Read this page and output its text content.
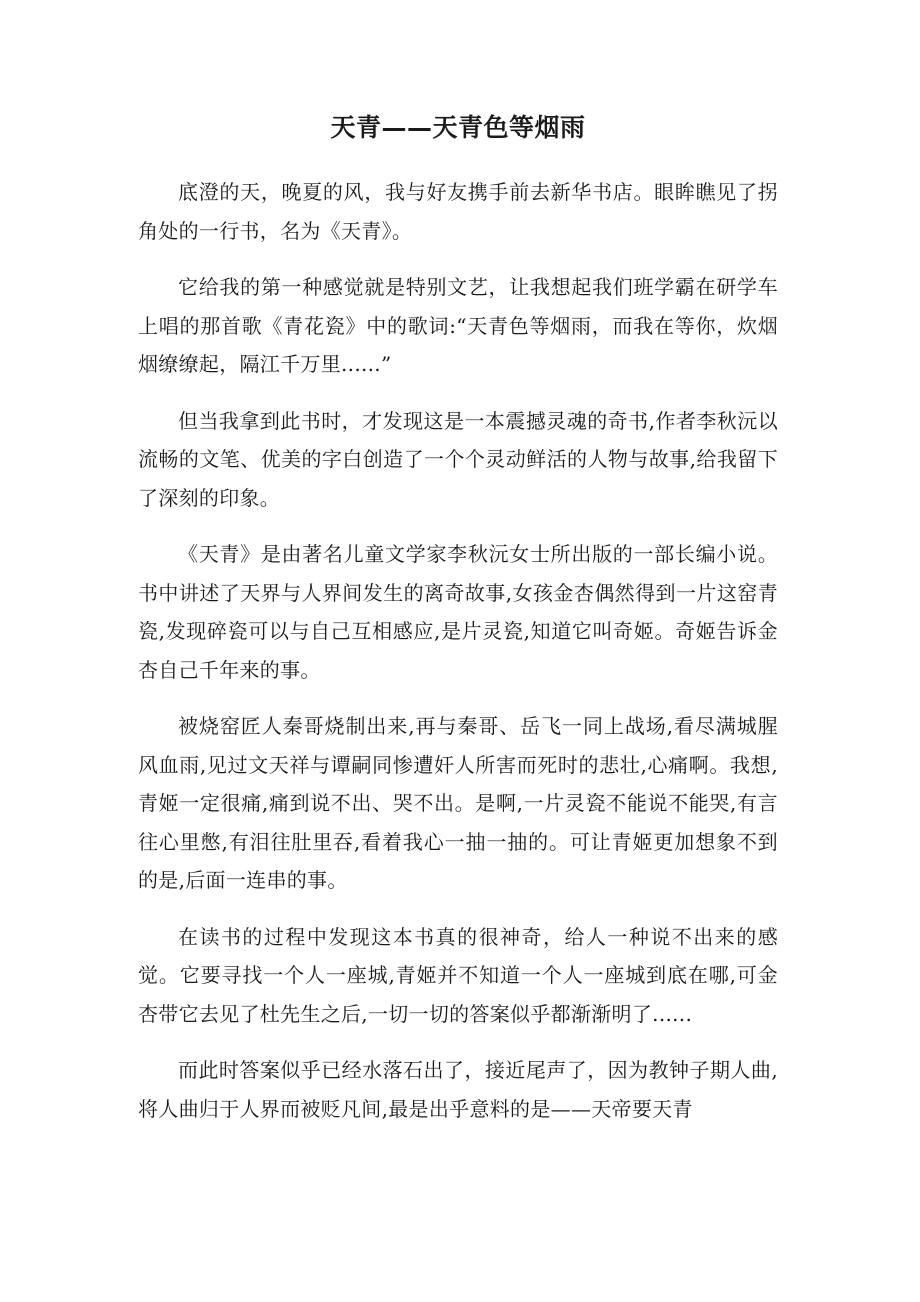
天青——天青色等烟雨

底澄的天，晚夏的风，我与好友携手前去新华书店。眼眸瞧见了拐角处的一行书，名为《天青》。

它给我的第一种感觉就是特别文艺，让我想起我们班学霸在研学车上唱的那首歌《青花瓷》中的歌词:“天青色等烟雨，而我在等你，炊烟烟缭缭起，隔江千万里......”

但当我拿到此书时，才发现这是一本震撼灵魂的奇书,作者李秋沅以流畅的文笔、优美的字白创造了一个个灵动鲜活的人物与故事,给我留下了深刻的印象。

《天青》是由著名儿童文学家李秋沅女士所出版的一部长编小说。书中讲述了天界与人界间发生的离奇故事,女孩金杏偶然得到一片这窑青瓷,发现碎瓷可以与自己互相感应,是片灵瓷,知道它叫奇姬。奇姬告诉金杏自己千年来的事。

被烧窑匠人秦哥烧制出来,再与秦哥、岳飞一同上战场,看尽满城腥风血雨,见过文天祥与谭嗣同惨遭奸人所害而死时的悲壮,心痛啊。我想,青姬一定很痛,痛到说不出、哭不出。是啊,一片灵瓷不能说不能哭,有言往心里憋,有泪往肚里吞,看着我心一抽一抽的。可让青姬更加想象不到的是,后面一连串的事。

在读书的过程中发现这本书真的很神奇，给人一种说不出来的感觉。它要寻找一个人一座城,青姬并不知道一个人一座城到底在哪,可金杏带它去见了杜先生之后,一切一切的答案似乎都渐渐明了......

而此时答案似乎已经水落石出了，接近尾声了，因为教钟子期人曲,将人曲归于人界而被贬凡间,最是出乎意料的是——天帝要天青
